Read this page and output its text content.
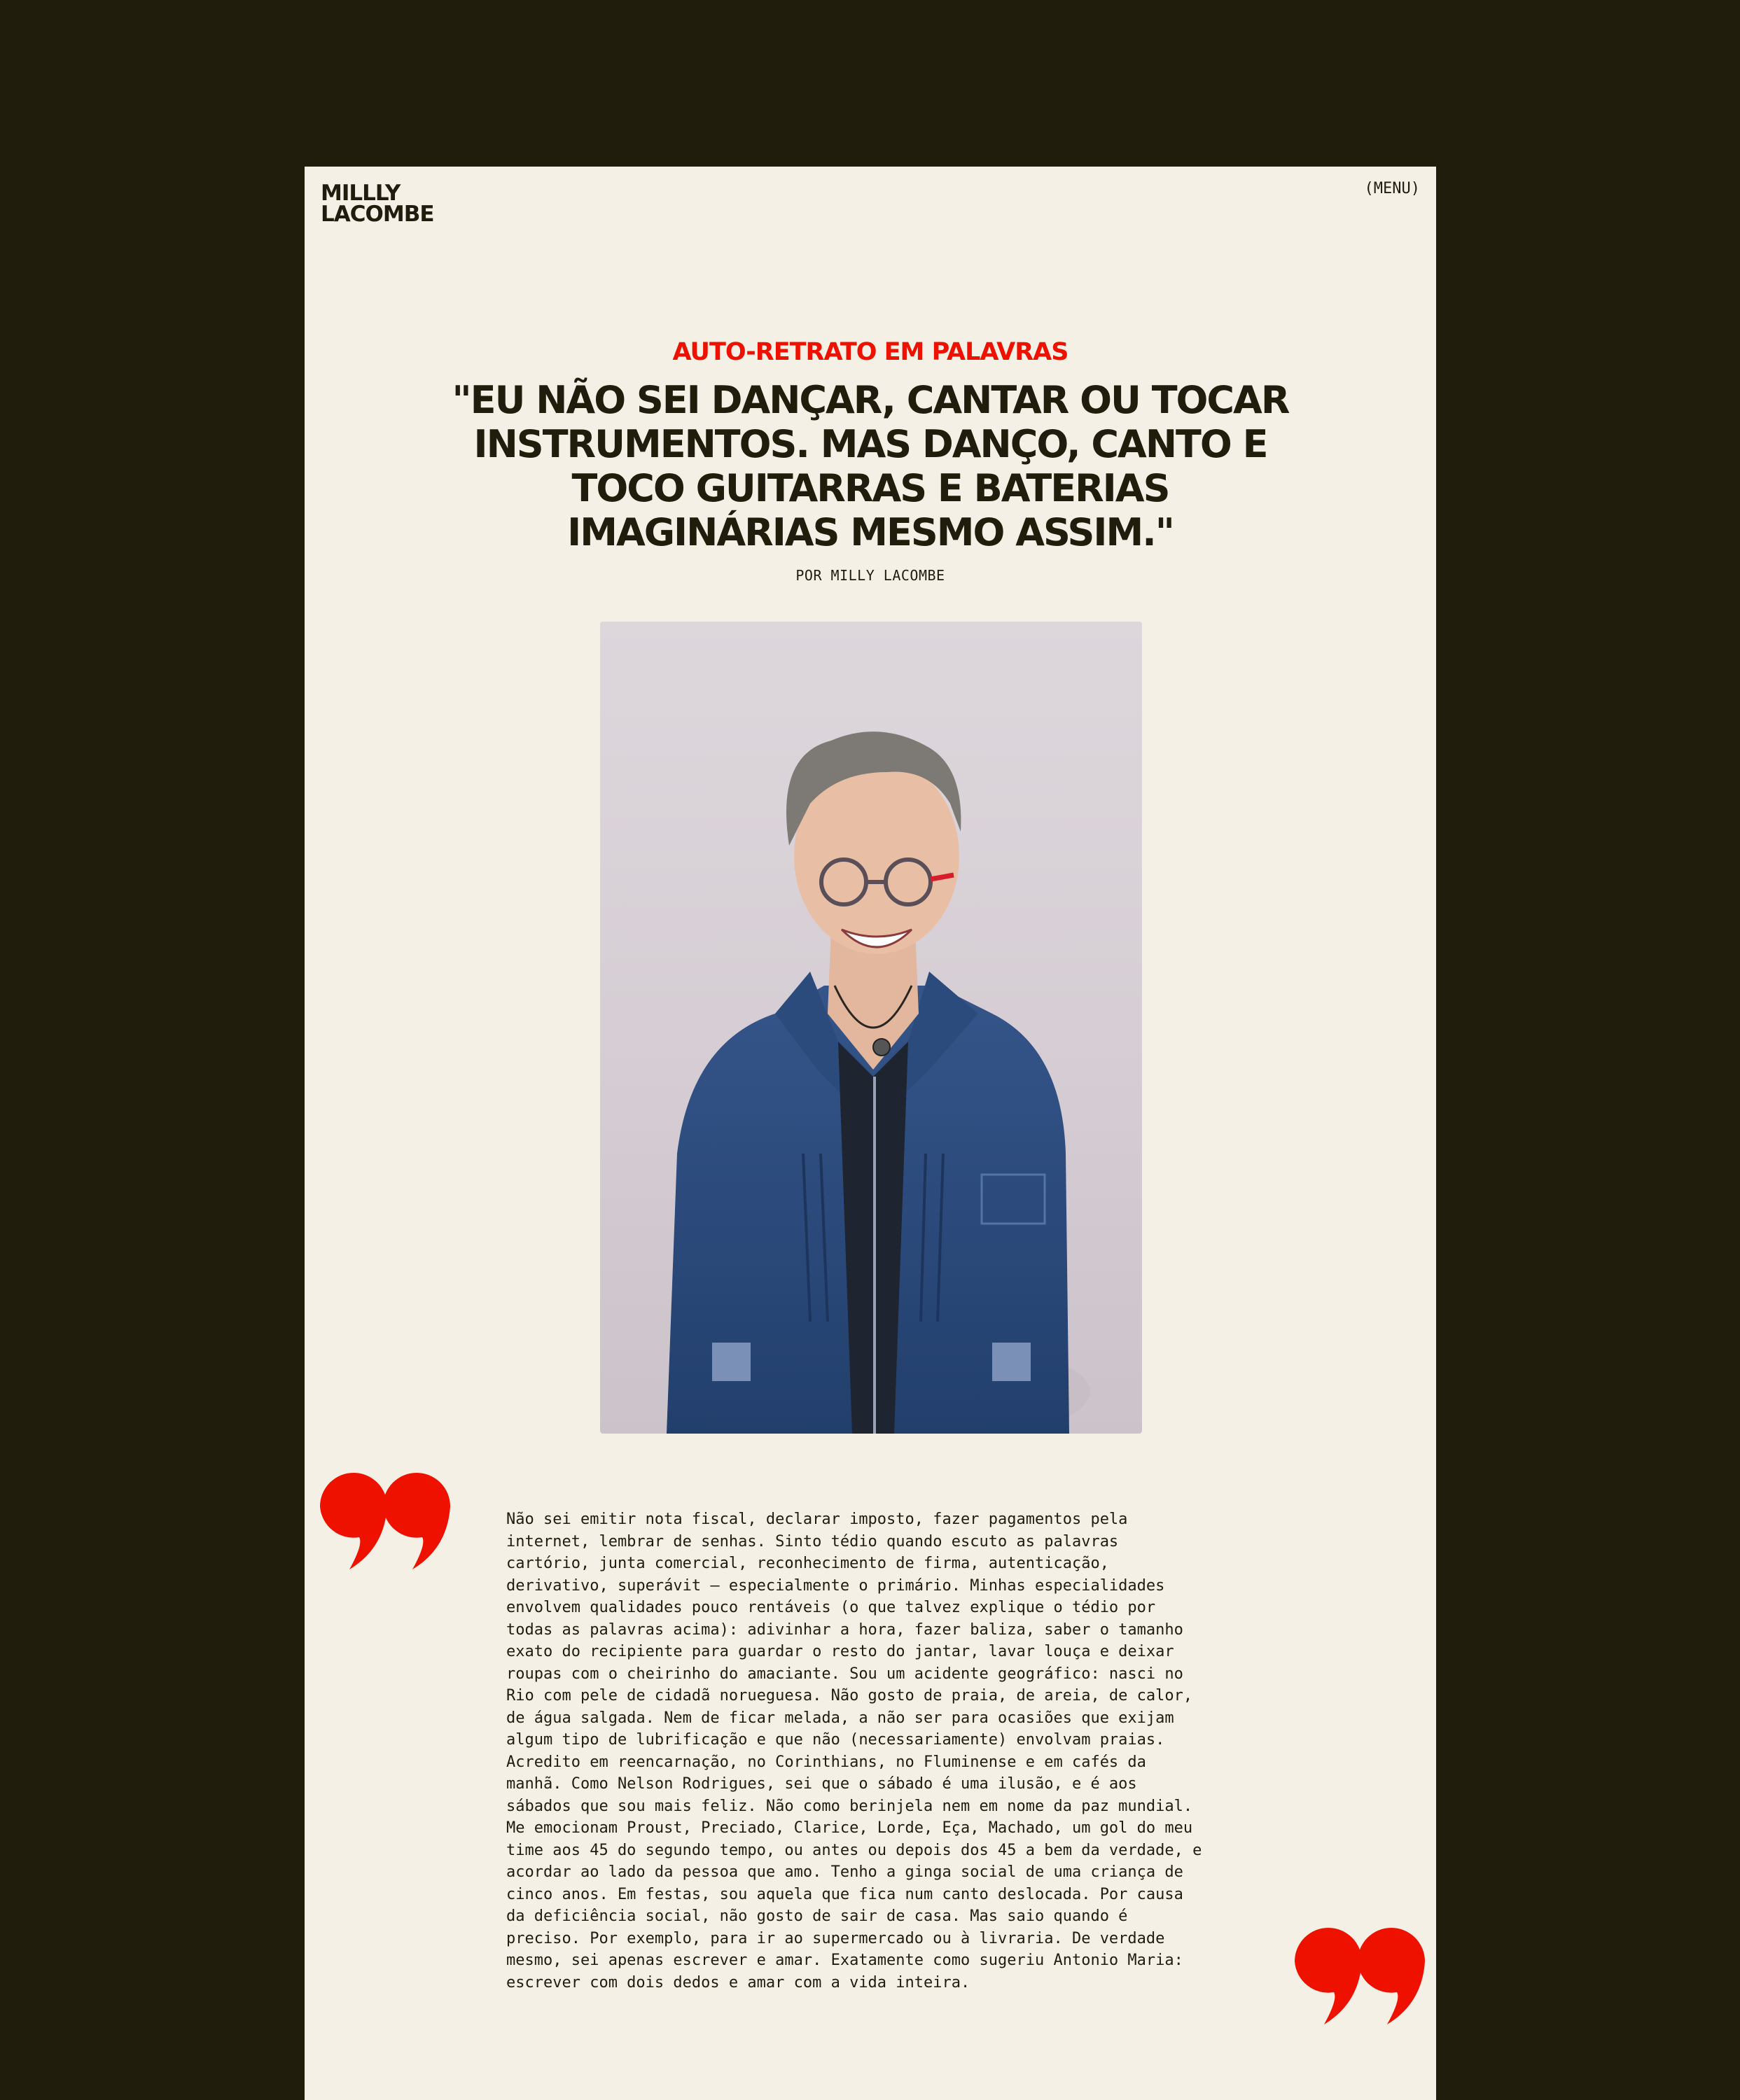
MILLLY
LACOMBE
(MENU)
AUTO-RETRATO EM PALAVRAS
"EU NÃO SEI DANÇAR, CANTAR OU TOCAR INSTRUMENTOS. MAS DANÇO, CANTO E TOCO GUITARRAS E BATERIAS IMAGINÁRIAS MESMO ASSIM."
POR MILLY LACOMBE
Não sei emitir nota fiscal, declarar imposto, fazer pagamentos pela
internet, lembrar de senhas. Sinto tédio quando escuto as palavras
cartório, junta comercial, reconhecimento de firma, autenticação,
derivativo, superávit — especialmente o primário. Minhas especialidades
envolvem qualidades pouco rentáveis (o que talvez explique o tédio por
todas as palavras acima): adivinhar a hora, fazer baliza, saber o tamanho
exato do recipiente para guardar o resto do jantar, lavar louça e deixar
roupas com o cheirinho do amaciante. Sou um acidente geográfico: nasci no
Rio com pele de cidadã norueguesa. Não gosto de praia, de areia, de calor,
de água salgada. Nem de ficar melada, a não ser para ocasiões que exijam
algum tipo de lubrificação e que não (necessariamente) envolvam praias.
Acredito em reencarnação, no Corinthians, no Fluminense e em cafés da
manhã. Como Nelson Rodrigues, sei que o sábado é uma ilusão, e é aos
sábados que sou mais feliz. Não como berinjela nem em nome da paz mundial.
Me emocionam Proust, Preciado, Clarice, Lorde, Eça, Machado, um gol do meu
time aos 45 do segundo tempo, ou antes ou depois dos 45 a bem da verdade, e
acordar ao lado da pessoa que amo. Tenho a ginga social de uma criança de
cinco anos. Em festas, sou aquela que fica num canto deslocada. Por causa
da deficiência social, não gosto de sair de casa. Mas saio quando é
preciso. Por exemplo, para ir ao supermercado ou à livraria. De verdade
mesmo, sei apenas escrever e amar. Exatamente como sugeriu Antonio Maria:
escrever com dois dedos e amar com a vida inteira.
